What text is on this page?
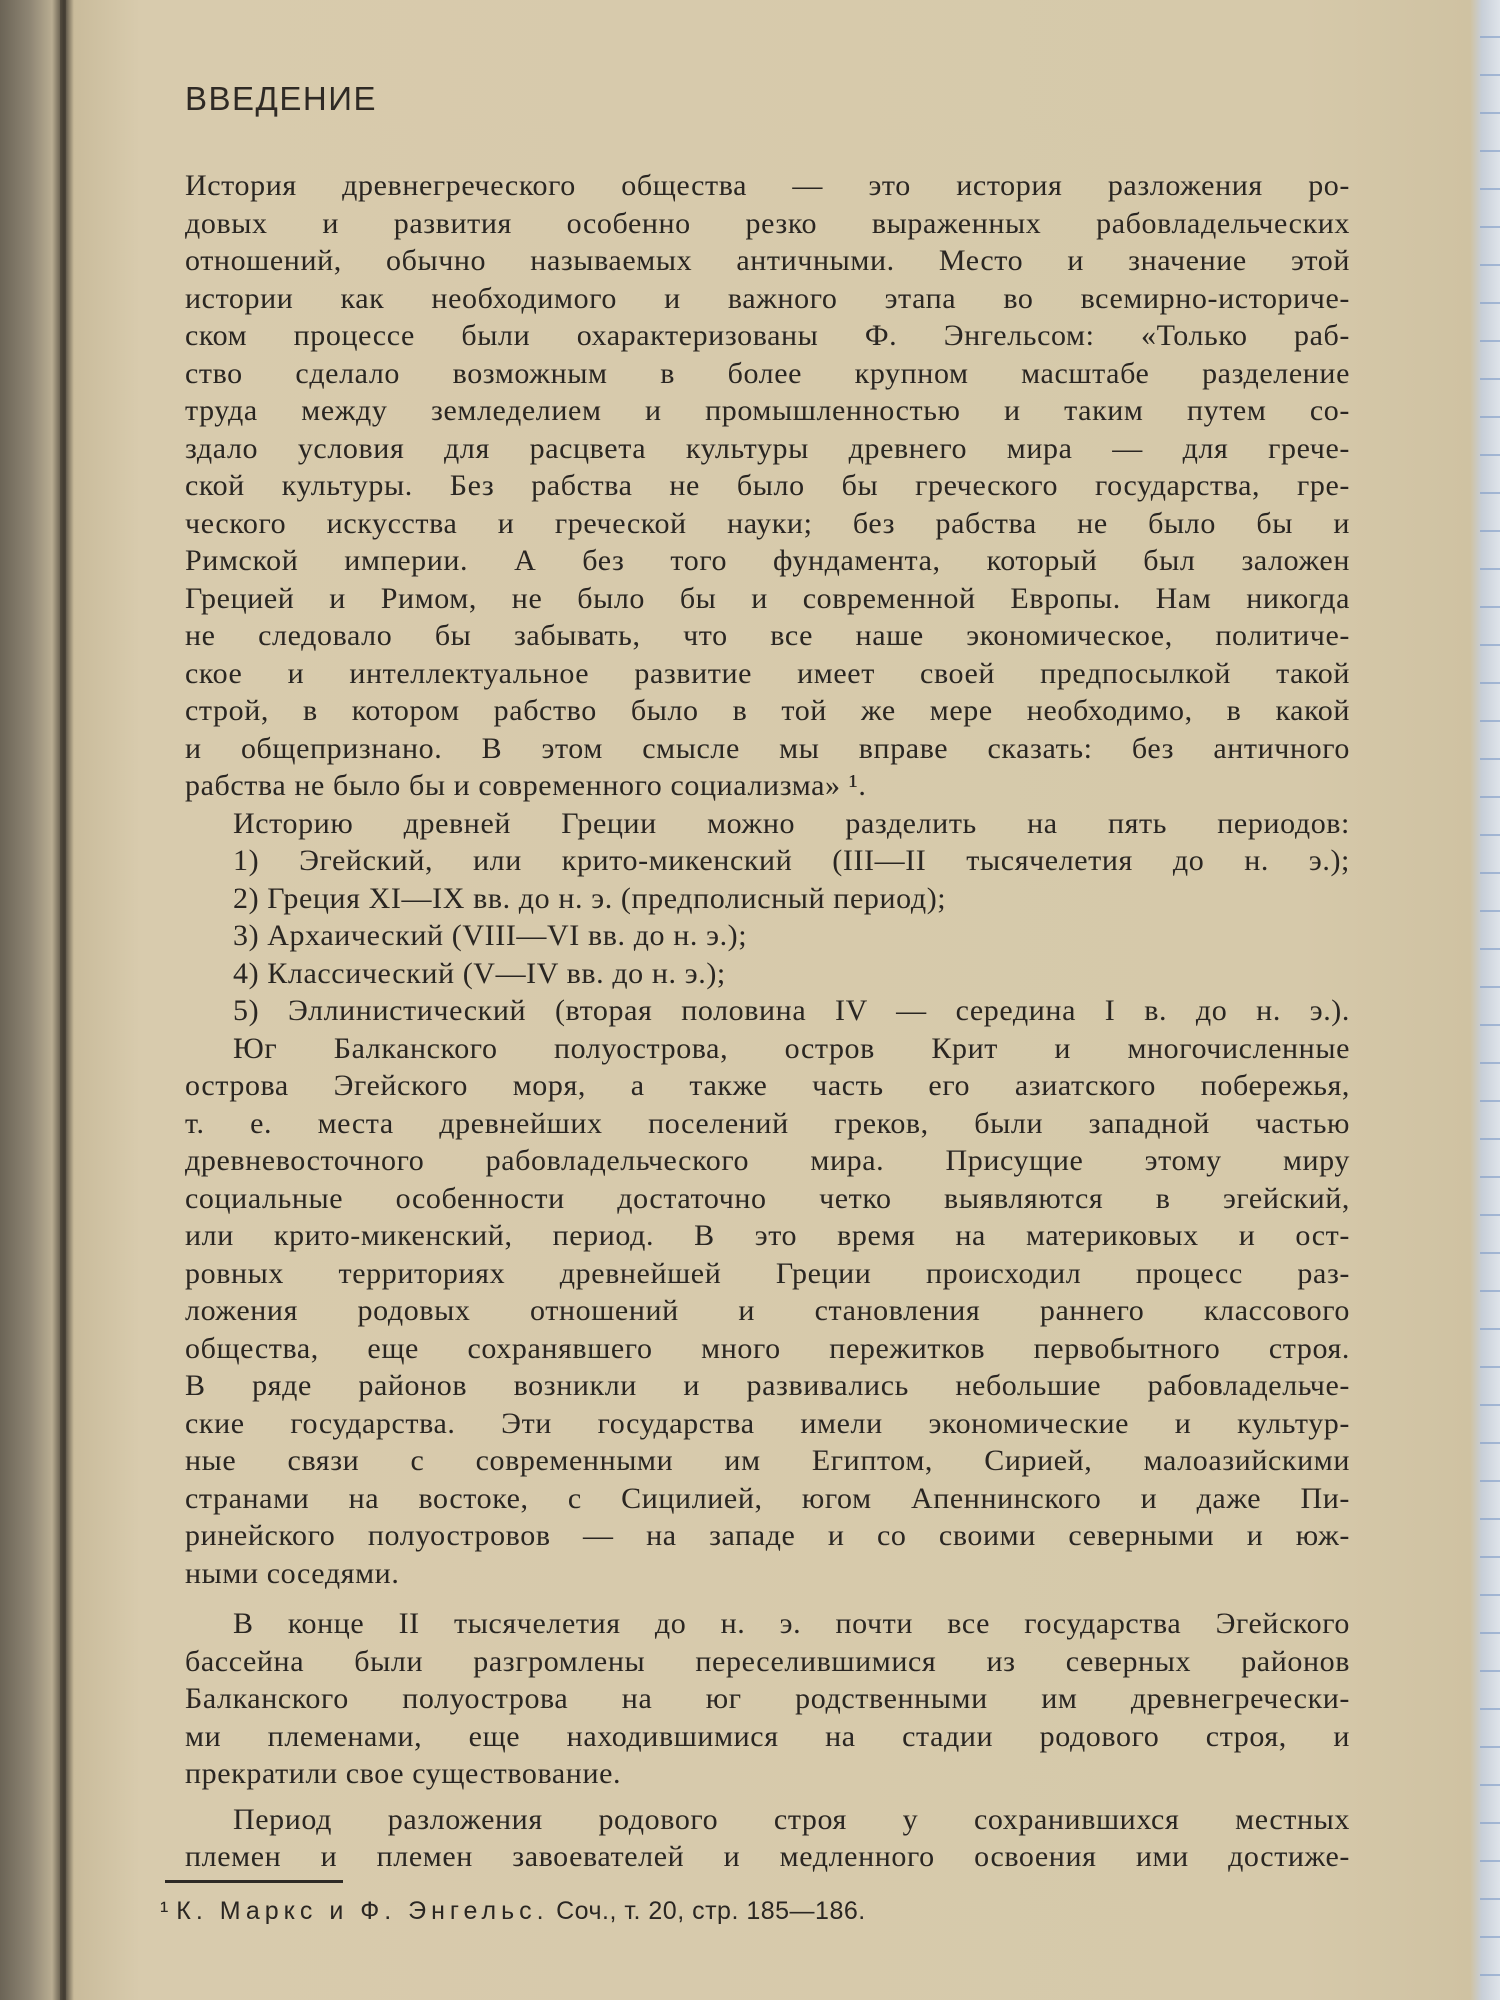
ВВЕДЕНИЕ
История древнегреческого общества — это история разложения ро-
довых и развития особенно резко выраженных рабовладельческих
отношений, обычно называемых античными. Место и значение этой
истории как необходимого и важного этапа во всемирно-историче-
ском процессе были охарактеризованы Ф. Энгельсом: «Только раб-
ство сделало возможным в более крупном масштабе разделение
труда между земледелием и промышленностью и таким путем со-
здало условия для расцвета культуры древнего мира — для грече-
ской культуры. Без рабства не было бы греческого государства, гре-
ческого искусства и греческой науки; без рабства не было бы и
Римской империи. А без того фундамента, который был заложен
Грецией и Римом, не было бы и современной Европы. Нам никогда
не следовало бы забывать, что все наше экономическое, политиче-
ское и интеллектуальное развитие имеет своей предпосылкой такой
строй, в котором рабство было в той же мере необходимо, в какой
и общепризнано. В этом смысле мы вправе сказать: без античного
рабства не было бы и современного социализма» ¹.
Историю древней Греции можно разделить на пять периодов:
1) Эгейский, или крито-микенский (III—II тысячелетия до н. э.);
2) Греция XI—IX вв. до н. э. (предполисный период);
3) Архаический (VIII—VI вв. до н. э.);
4) Классический (V—IV вв. до н. э.);
5) Эллинистический (вторая половина IV — середина I в. до н. э.).
Юг Балканского полуострова, остров Крит и многочисленные
острова Эгейского моря, а также часть его азиатского побережья,
т. е. места древнейших поселений греков, были западной частью
древневосточного рабовладельческого мира. Присущие этому миру
социальные особенности достаточно четко выявляются в эгейский,
или крито-микенский, период. В это время на материковых и ост-
ровных территориях древнейшей Греции происходил процесс раз-
ложения родовых отношений и становления раннего классового
общества, еще сохранявшего много пережитков первобытного строя.
В ряде районов возникли и развивались небольшие рабовладельче-
ские государства. Эти государства имели экономические и культур-
ные связи с современными им Египтом, Сирией, малоазийскими
странами на востоке, с Сицилией, югом Апеннинского и даже Пи-
ринейского полуостровов — на западе и со своими северными и юж-
ными соседями.
В конце II тысячелетия до н. э. почти все государства Эгейского
бассейна были разгромлены переселившимися из северных районов
Балканского полуострова на юг родственными им древнегречески-
ми племенами, еще находившимися на стадии родового строя, и
прекратили свое существование.
Период разложения родового строя у сохранившихся местных
племен и племен завоевателей и медленного освоения ими достиже-
¹ К. Маркс и Ф. Энгельс. Соч., т. 20, стр. 185—186.
